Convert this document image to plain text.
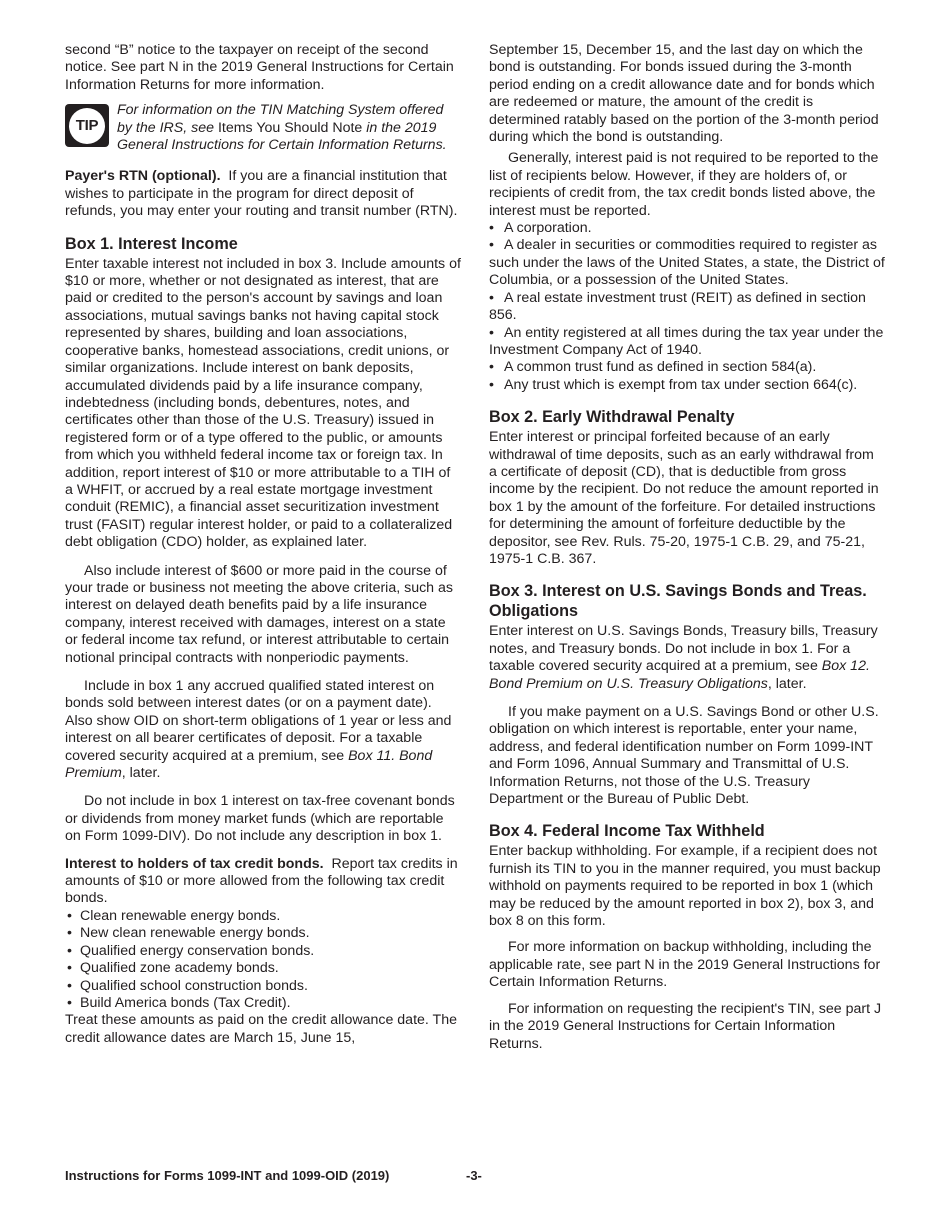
second “B” notice to the taxpayer on receipt of the second notice. See part N in the 2019 General Instructions for Certain Information Returns for more information.

TIP

For information on the TIN Matching System offered by the IRS, see Items You Should Note in the 2019 General Instructions for Certain Information Returns.

Payer's RTN (optional). If you are a financial institution that wishes to participate in the program for direct deposit of refunds, you may enter your routing and transit number (RTN).

Box 1. Interest Income

Enter taxable interest not included in box 3. Include amounts of $10 or more, whether or not designated as interest, that are paid or credited to the person's account by savings and loan associations, mutual savings banks not having capital stock represented by shares, building and loan associations, cooperative banks, homestead associations, credit unions, or similar organizations. Include interest on bank deposits, accumulated dividends paid by a life insurance company, indebtedness (including bonds, debentures, notes, and certificates other than those of the U.S. Treasury) issued in registered form or of a type offered to the public, or amounts from which you withheld federal income tax or foreign tax. In addition, report interest of $10 or more attributable to a TIH of a WHFIT, or accrued by a real estate mortgage investment conduit (REMIC), a financial asset securitization investment trust (FASIT) regular interest holder, or paid to a collateralized debt obligation (CDO) holder, as explained later.

Also include interest of $600 or more paid in the course of your trade or business not meeting the above criteria, such as interest on delayed death benefits paid by a life insurance company, interest received with damages, interest on a state or federal income tax refund, or interest attributable to certain notional principal contracts with nonperiodic payments.

Include in box 1 any accrued qualified stated interest on bonds sold between interest dates (or on a payment date). Also show OID on short-term obligations of 1 year or less and interest on all bearer certificates of deposit. For a taxable covered security acquired at a premium, see Box 11. Bond Premium, later.

Do not include in box 1 interest on tax-free covenant bonds or dividends from money market funds (which are reportable on Form 1099-DIV). Do not include any description in box 1.

Interest to holders of tax credit bonds. Report tax credits in amounts of $10 or more allowed from the following tax credit bonds.

• Clean renewable energy bonds.
• New clean renewable energy bonds.
• Qualified energy conservation bonds.
• Qualified zone academy bonds.
• Qualified school construction bonds.
• Build America bonds (Tax Credit).

Treat these amounts as paid on the credit allowance date. The credit allowance dates are March 15, June 15,

September 15, December 15, and the last day on which the bond is outstanding. For bonds issued during the 3-month period ending on a credit allowance date and for bonds which are redeemed or mature, the amount of the credit is determined ratably based on the portion of the 3-month period during which the bond is outstanding.

Generally, interest paid is not required to be reported to the list of recipients below. However, if they are holders of, or recipients of credit from, the tax credit bonds listed above, the interest must be reported.

• A corporation.
• A dealer in securities or commodities required to register as such under the laws of the United States, a state, the District of Columbia, or a possession of the United States.
• A real estate investment trust (REIT) as defined in section 856.
• An entity registered at all times during the tax year under the Investment Company Act of 1940.
• A common trust fund as defined in section 584(a).
• Any trust which is exempt from tax under section 664(c).
Box 2. Early Withdrawal Penalty

Enter interest or principal forfeited because of an early withdrawal of time deposits, such as an early withdrawal from a certificate of deposit (CD), that is deductible from gross income by the recipient. Do not reduce the amount reported in box 1 by the amount of the forfeiture. For detailed instructions for determining the amount of forfeiture deductible by the depositor, see Rev. Ruls. 75-20, 1975-1 C.B. 29, and 75-21, 1975-1 C.B. 367.

Box 3. Interest on U.S. Savings Bonds and Treas. Obligations

Enter interest on U.S. Savings Bonds, Treasury bills, Treasury notes, and Treasury bonds. Do not include in box 1. For a taxable covered security acquired at a premium, see Box 12. Bond Premium on U.S. Treasury Obligations, later.

If you make payment on a U.S. Savings Bond or other U.S. obligation on which interest is reportable, enter your name, address, and federal identification number on Form 1099-INT and Form 1096, Annual Summary and Transmittal of U.S. Information Returns, not those of the U.S. Treasury Department or the Bureau of Public Debt.

Box 4. Federal Income Tax Withheld

Enter backup withholding. For example, if a recipient does not furnish its TIN to you in the manner required, you must backup withhold on payments required to be reported in box 1 (which may be reduced by the amount reported in box 2), box 3, and box 8 on this form.

For more information on backup withholding, including the applicable rate, see part N in the 2019 General Instructions for Certain Information Returns.

For information on requesting the recipient's TIN, see part J in the 2019 General Instructions for Certain Information Returns.

Instructions for Forms 1099-INT and 1099-OID (2019)	-3-
